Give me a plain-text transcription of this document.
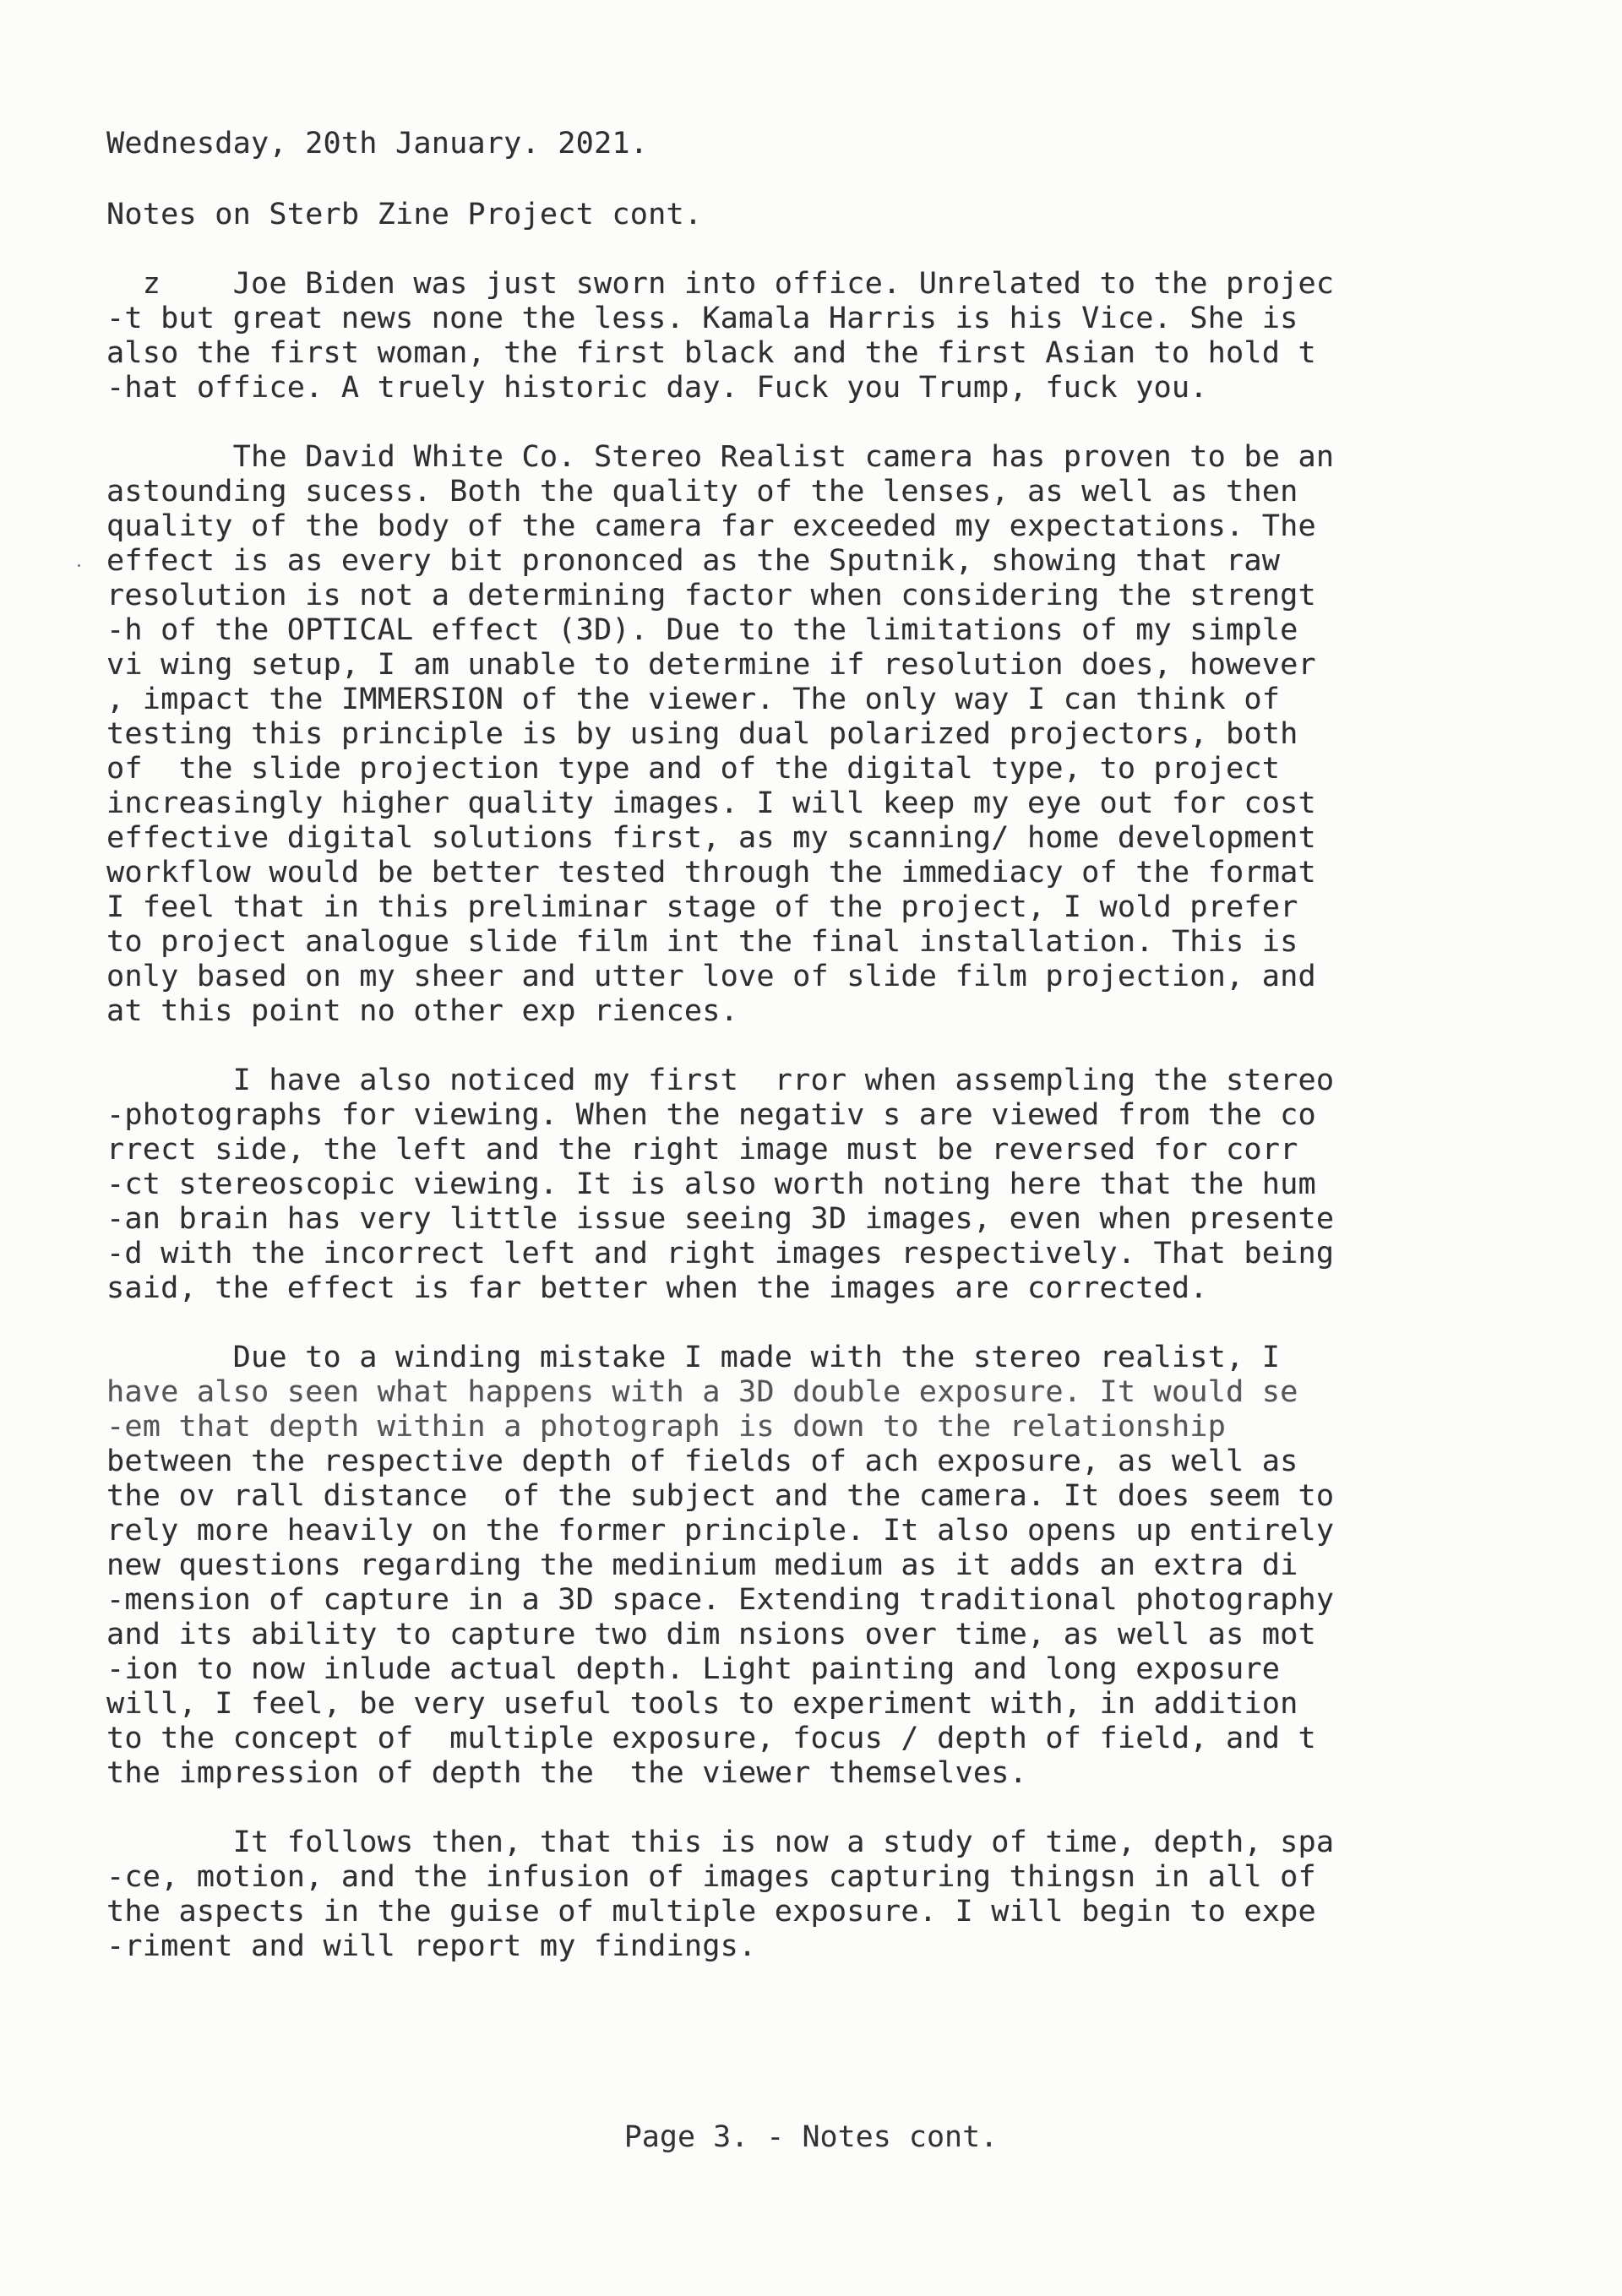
Wednesday, 20th January. 2021.
Notes on Sterb Zine Project cont.
z    Joe Biden was just sworn into office. Unrelated to the projec
-t but great news none the less. Kamala Harris is his Vice. She is
also the first woman, the first black and the first Asian to hold t
-hat office. A truely historic day. Fuck you Trump, fuck you.
The David White Co. Stereo Realist camera has proven to be an
astounding sucess. Both the quality of the lenses, as well as then
quality of the body of the camera far exceeded my expectations. The
effect is as every bit prononced as the Sputnik, showing that raw
resolution is not a determining factor when considering the strengt
-h of the OPTICAL effect (3D). Due to the limitations of my simple
vi wing setup, I am unable to determine if resolution does, however
, impact the IMMERSION of the viewer. The only way I can think of
testing this principle is by using dual polarized projectors, both
of  the slide projection type and of the digital type, to project
increasingly higher quality images. I will keep my eye out for cost
effective digital solutions first, as my scanning/ home development
workflow would be better tested through the immediacy of the format
I feel that in this preliminar stage of the project, I wold prefer
to project analogue slide film int the final installation. This is
only based on my sheer and utter love of slide film projection, and
at this point no other exp riences.
I have also noticed my first  rror when assempling the stereo
-photographs for viewing. When the negativ s are viewed from the co
rrect side, the left and the right image must be reversed for corr
-ct stereoscopic viewing. It is also worth noting here that the hum
-an brain has very little issue seeing 3D images, even when presente
-d with the incorrect left and right images respectively. That being
said, the effect is far better when the images are corrected.
Due to a winding mistake I made with the stereo realist, I
have also seen what happens with a 3D double exposure. It would se
-em that depth within a photograph is down to the relationship
between the respective depth of fields of ach exposure, as well as
the ov rall distance  of the subject and the camera. It does seem to
rely more heavily on the former principle. It also opens up entirely
new questions regarding the medinium medium as it adds an extra di
-mension of capture in a 3D space. Extending traditional photography
and its ability to capture two dim nsions over time, as well as mot
-ion to now inlude actual depth. Light painting and long exposure
will, I feel, be very useful tools to experiment with, in addition
to the concept of  multiple exposure, focus / depth of field, and t
the impression of depth the  the viewer themselves.
It follows then, that this is now a study of time, depth, spa
-ce, motion, and the infusion of images capturing thingsn in all of
the aspects in the guise of multiple exposure. I will begin to expe
-riment and will report my findings.
Page 3. - Notes cont.
